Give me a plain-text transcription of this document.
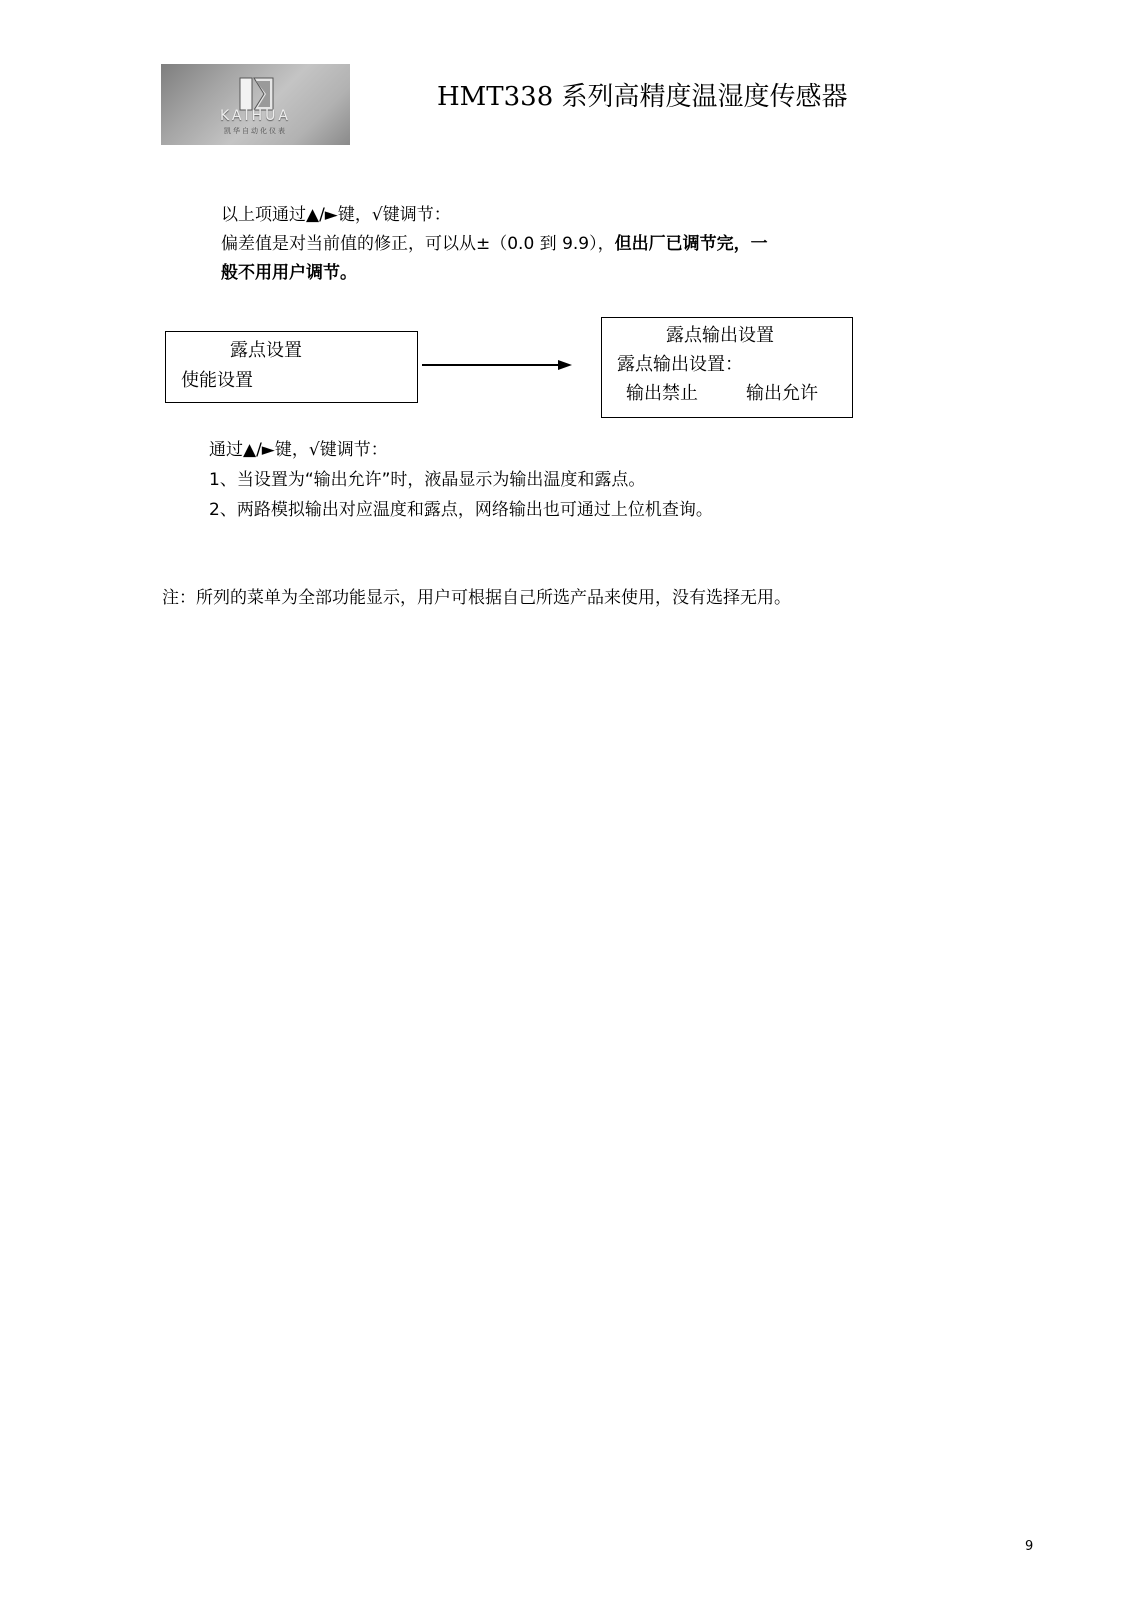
KAIHUA
凯华自动化仪表
HMT338 系列高精度温湿度传感器
以上项通过▲/►键，√键调节：
偏差值是对当前值的修正，可以从±（0.0 到 9.9），但出厂已调节完，一
般不用用户调节。
露点设置
使能设置
露点输出设置
露点输出设置：
输出禁止	输出允许
通过▲/►键，√键调节：
1、当设置为“输出允许”时，液晶显示为输出温度和露点。
2、两路模拟输出对应温度和露点，网络输出也可通过上位机查询。
注：所列的菜单为全部功能显示，用户可根据自己所选产品来使用，没有选择无用。
9
